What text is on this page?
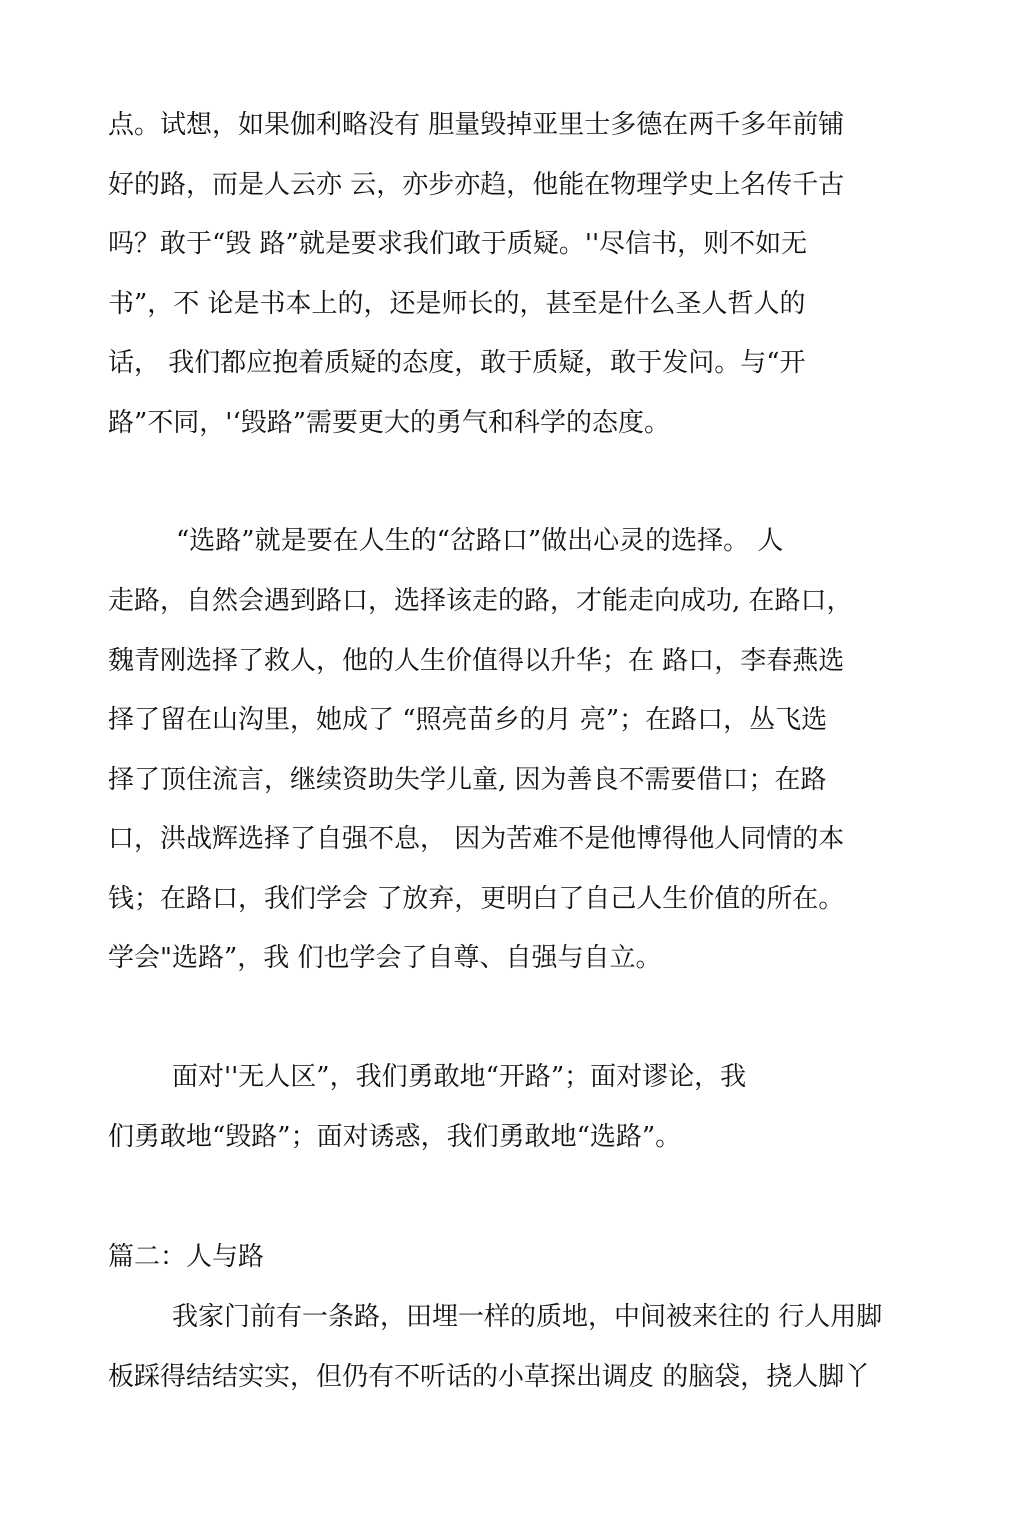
点。试想，如果伽利略没有 胆量毁掉亚里士多德在两千多年前铺
好的路，而是人云亦 云，亦步亦趋，他能在物理学史上名传千古
吗？敢于“毁 路”就是要求我们敢于质疑。''尽信书，则不如无
书”，不 论是书本上的，还是师长的，甚至是什么圣人哲人的
话， 我们都应抱着质疑的态度，敢于质疑，敢于发问。与“开
路”不同，'‘毁路”需要更大的勇气和科学的态度。
“选路”就是要在人生的“岔路口”做出心灵的选择。 人
走路，自然会遇到路口，选择该走的路，才能走向成功, 在路口，
魏青刚选择了救人，他的人生价值得以升华；在 路口，李春燕选
择了留在山沟里，她成了 “照亮苗乡的月 亮”；在路口，丛飞选
择了顶住流言，继续资助失学儿童, 因为善良不需要借口；在路
口，洪战辉选择了自强不息， 因为苦难不是他博得他人同情的本
钱；在路口，我们学会 了放弃，更明白了自己人生价值的所在。
学会"选路”，我 们也学会了自尊、自强与自立。
面对''无人区”，我们勇敢地“开路”；面对谬论，我
们勇敢地“毁路”；面对诱惑，我们勇敢地“选路”。
篇二：人与路
我家门前有一条路，田埋一样的质地，中间被来往的 行人用脚
板踩得结结实实，但仍有不听话的小草探出调皮 的脑袋，挠人脚丫
